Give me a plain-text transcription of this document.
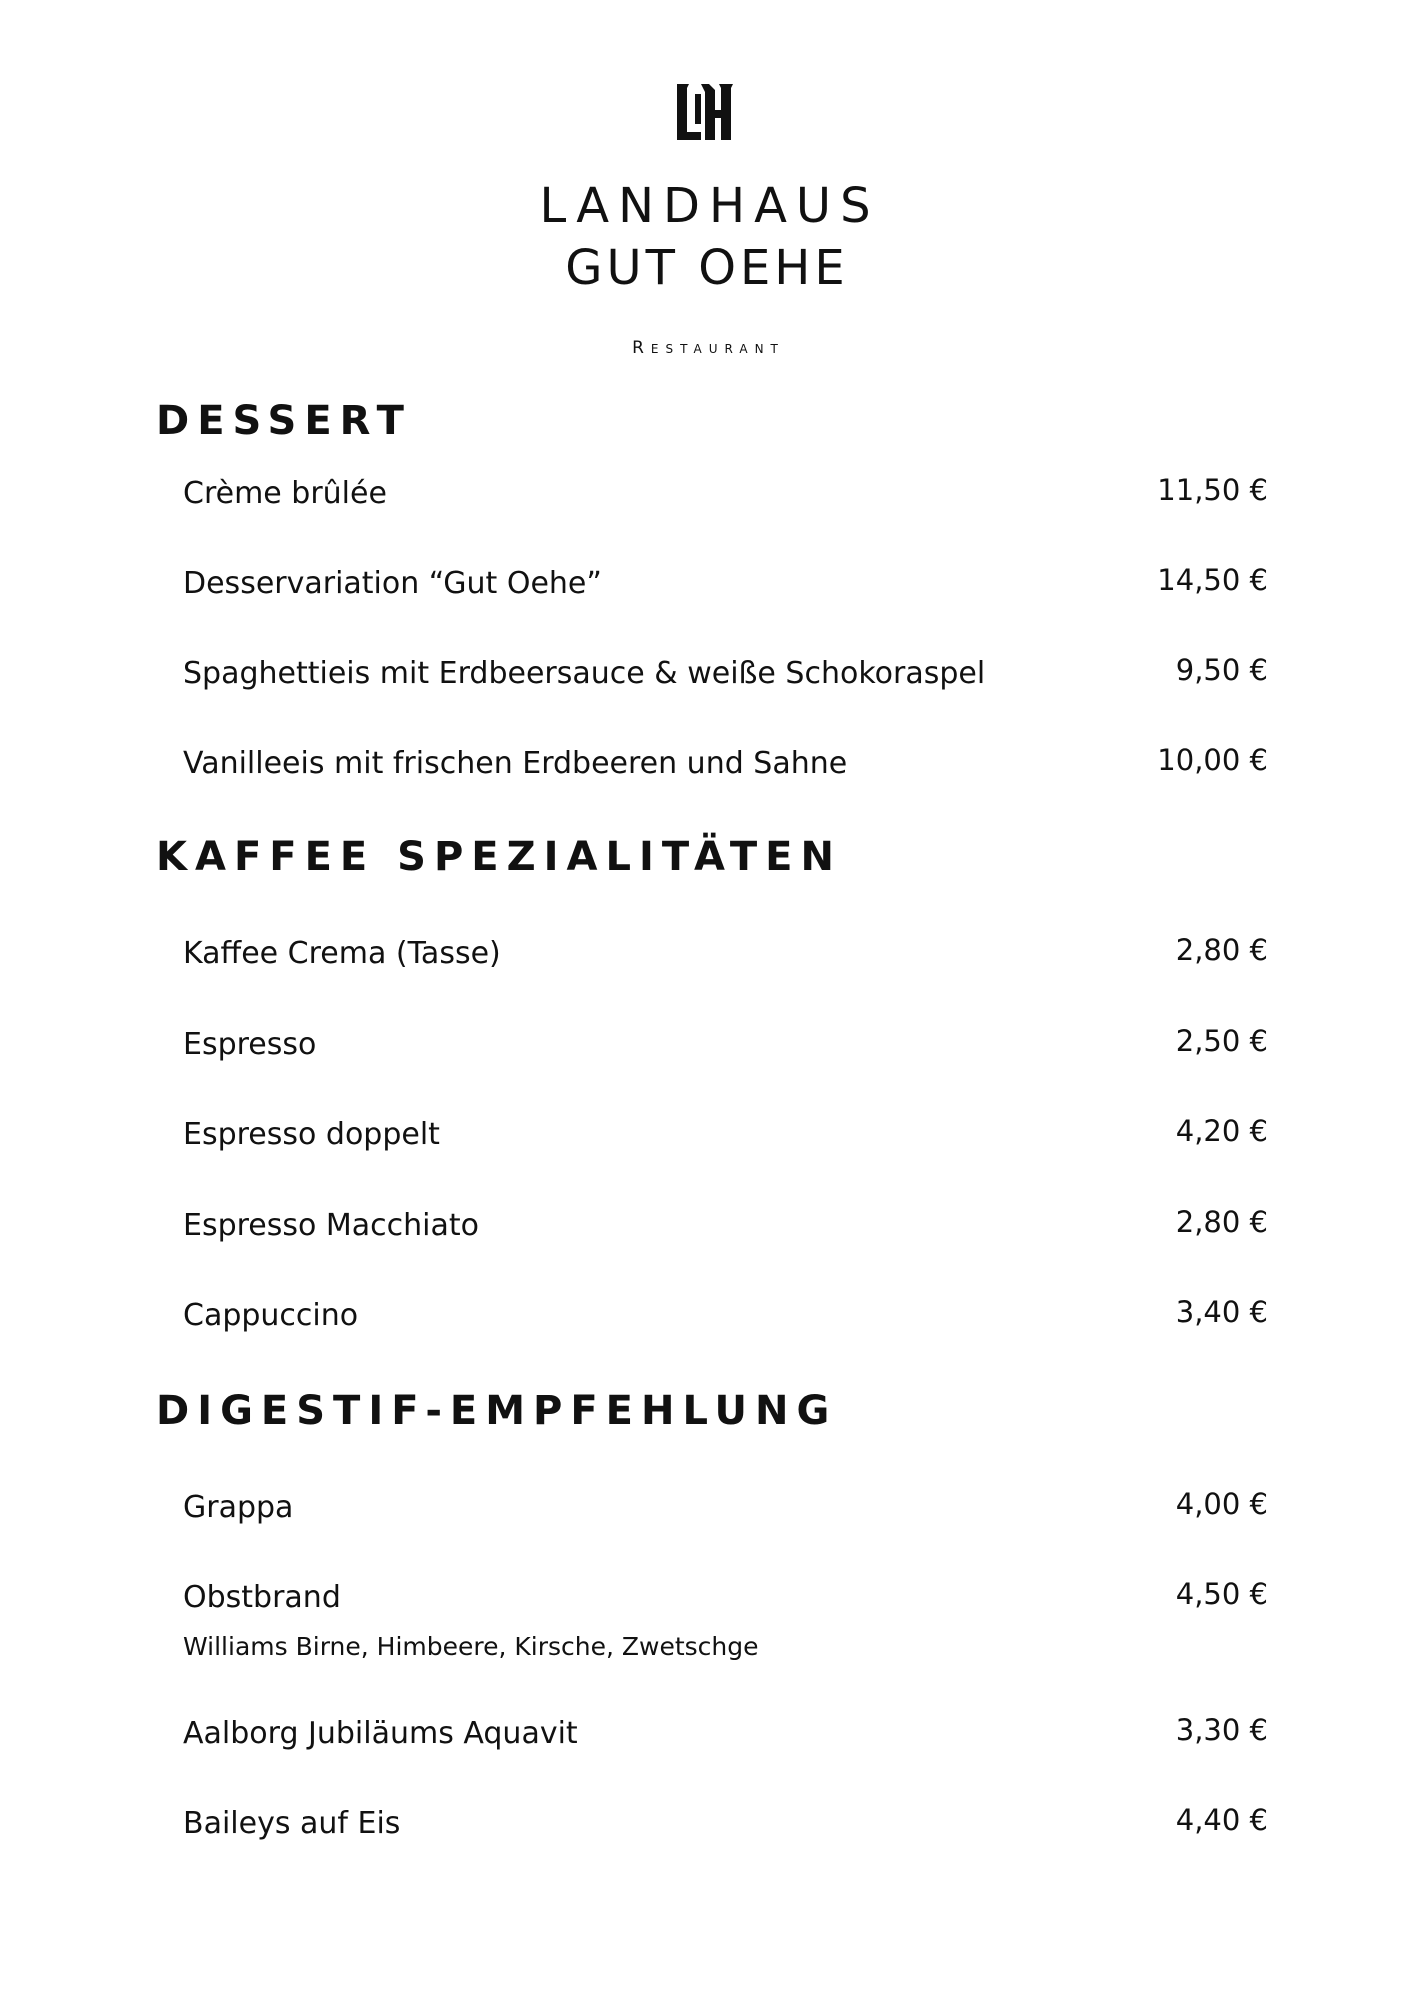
LANDHAUS
GUT OEHE
Restaurant
DESSERT
Crème brûlée	11,50 €
Desservariation “Gut Oehe”	14,50 €
Spaghettieis mit Erdbeersauce & weiße Schokoraspel	9,50 €
Vanilleeis mit frischen Erdbeeren und Sahne	10,00 €
KAFFEE SPEZIALITÄTEN
Kaffee Crema (Tasse)	2,80 €
Espresso	2,50 €
Espresso doppelt	4,20 €
Espresso Macchiato	2,80 €
Cappuccino	3,40 €
DIGESTIF-EMPFEHLUNG
Grappa	4,00 €
Obstbrand	4,50 €
Williams Birne, Himbeere, Kirsche, Zwetschge
Aalborg Jubiläums Aquavit	3,30 €
Baileys auf Eis	4,40 €
